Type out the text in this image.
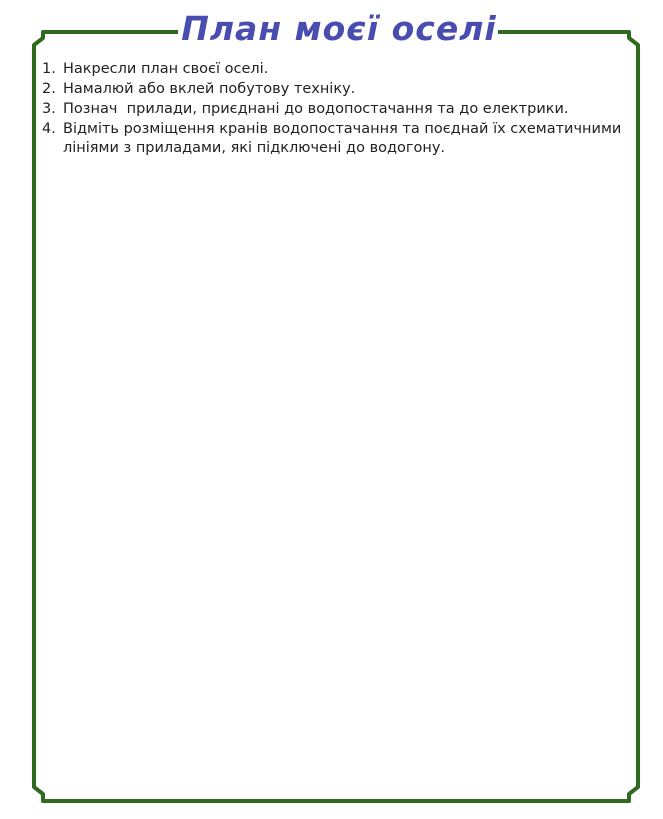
План моєї оселі
1. Накресли план своєї оселі.
2. Намалюй або вклей побутову техніку.
3. Познач  прилади, приєднані до водопостачання та до електрики.
4. Відміть розміщення кранів водопостачання та поєднай їх схематичними лініями з приладами, які підключені до водогону.
